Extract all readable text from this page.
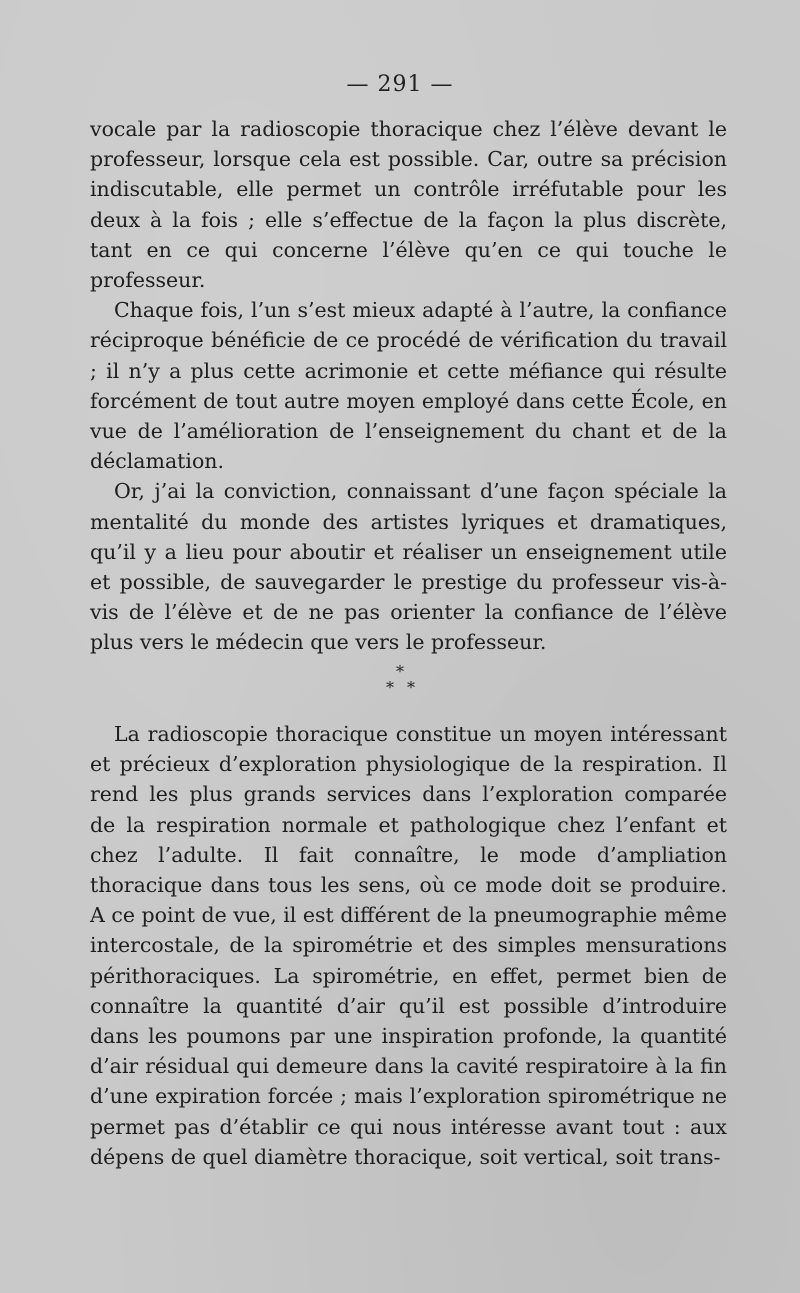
— 291 —

vocale par la radioscopie thoracique chez l’élève devant le professeur, lorsque cela est possible. Car, outre sa précision indiscutable, elle permet un contrôle irréfutable pour les deux à la fois ; elle s’effectue de la façon la plus discrète, tant en ce qui concerne l’élève qu’en ce qui touche le professeur.

Chaque fois, l’un s’est mieux adapté à l’autre, la confiance réciproque bénéficie de ce procédé de vérification du travail ; il n’y a plus cette acrimonie et cette méfiance qui résulte forcément de tout autre moyen employé dans cette École, en vue de l’amélioration de l’enseignement du chant et de la déclamation.

Or, j’ai la conviction, connaissant d’une façon spéciale la mentalité du monde des artistes lyriques et dramatiques, qu’il y a lieu pour aboutir et réaliser un enseignement utile et possible, de sauvegarder le prestige du professeur vis-à-vis de l’élève et de ne pas orienter la confiance de l’élève plus vers le médecin que vers le professeur.

*
* *

La radioscopie thoracique constitue un moyen intéressant et précieux d’exploration physiologique de la respiration. Il rend les plus grands services dans l’exploration comparée de la respiration normale et pathologique chez l’enfant et chez l’adulte. Il fait connaître, le mode d’ampliation thoracique dans tous les sens, où ce mode doit se produire. A ce point de vue, il est différent de la pneumographie même intercostale, de la spirométrie et des simples mensurations périthoraciques. La spirométrie, en effet, permet bien de connaître la quantité d’air qu’il est possible d’introduire dans les poumons par une inspiration profonde, la quantité d’air résidual qui demeure dans la cavité respiratoire à la fin d’une expiration forcée ; mais l’exploration spirométrique ne permet pas d’établir ce qui nous intéresse avant tout : aux dépens de quel diamètre thoracique, soit vertical, soit trans-
